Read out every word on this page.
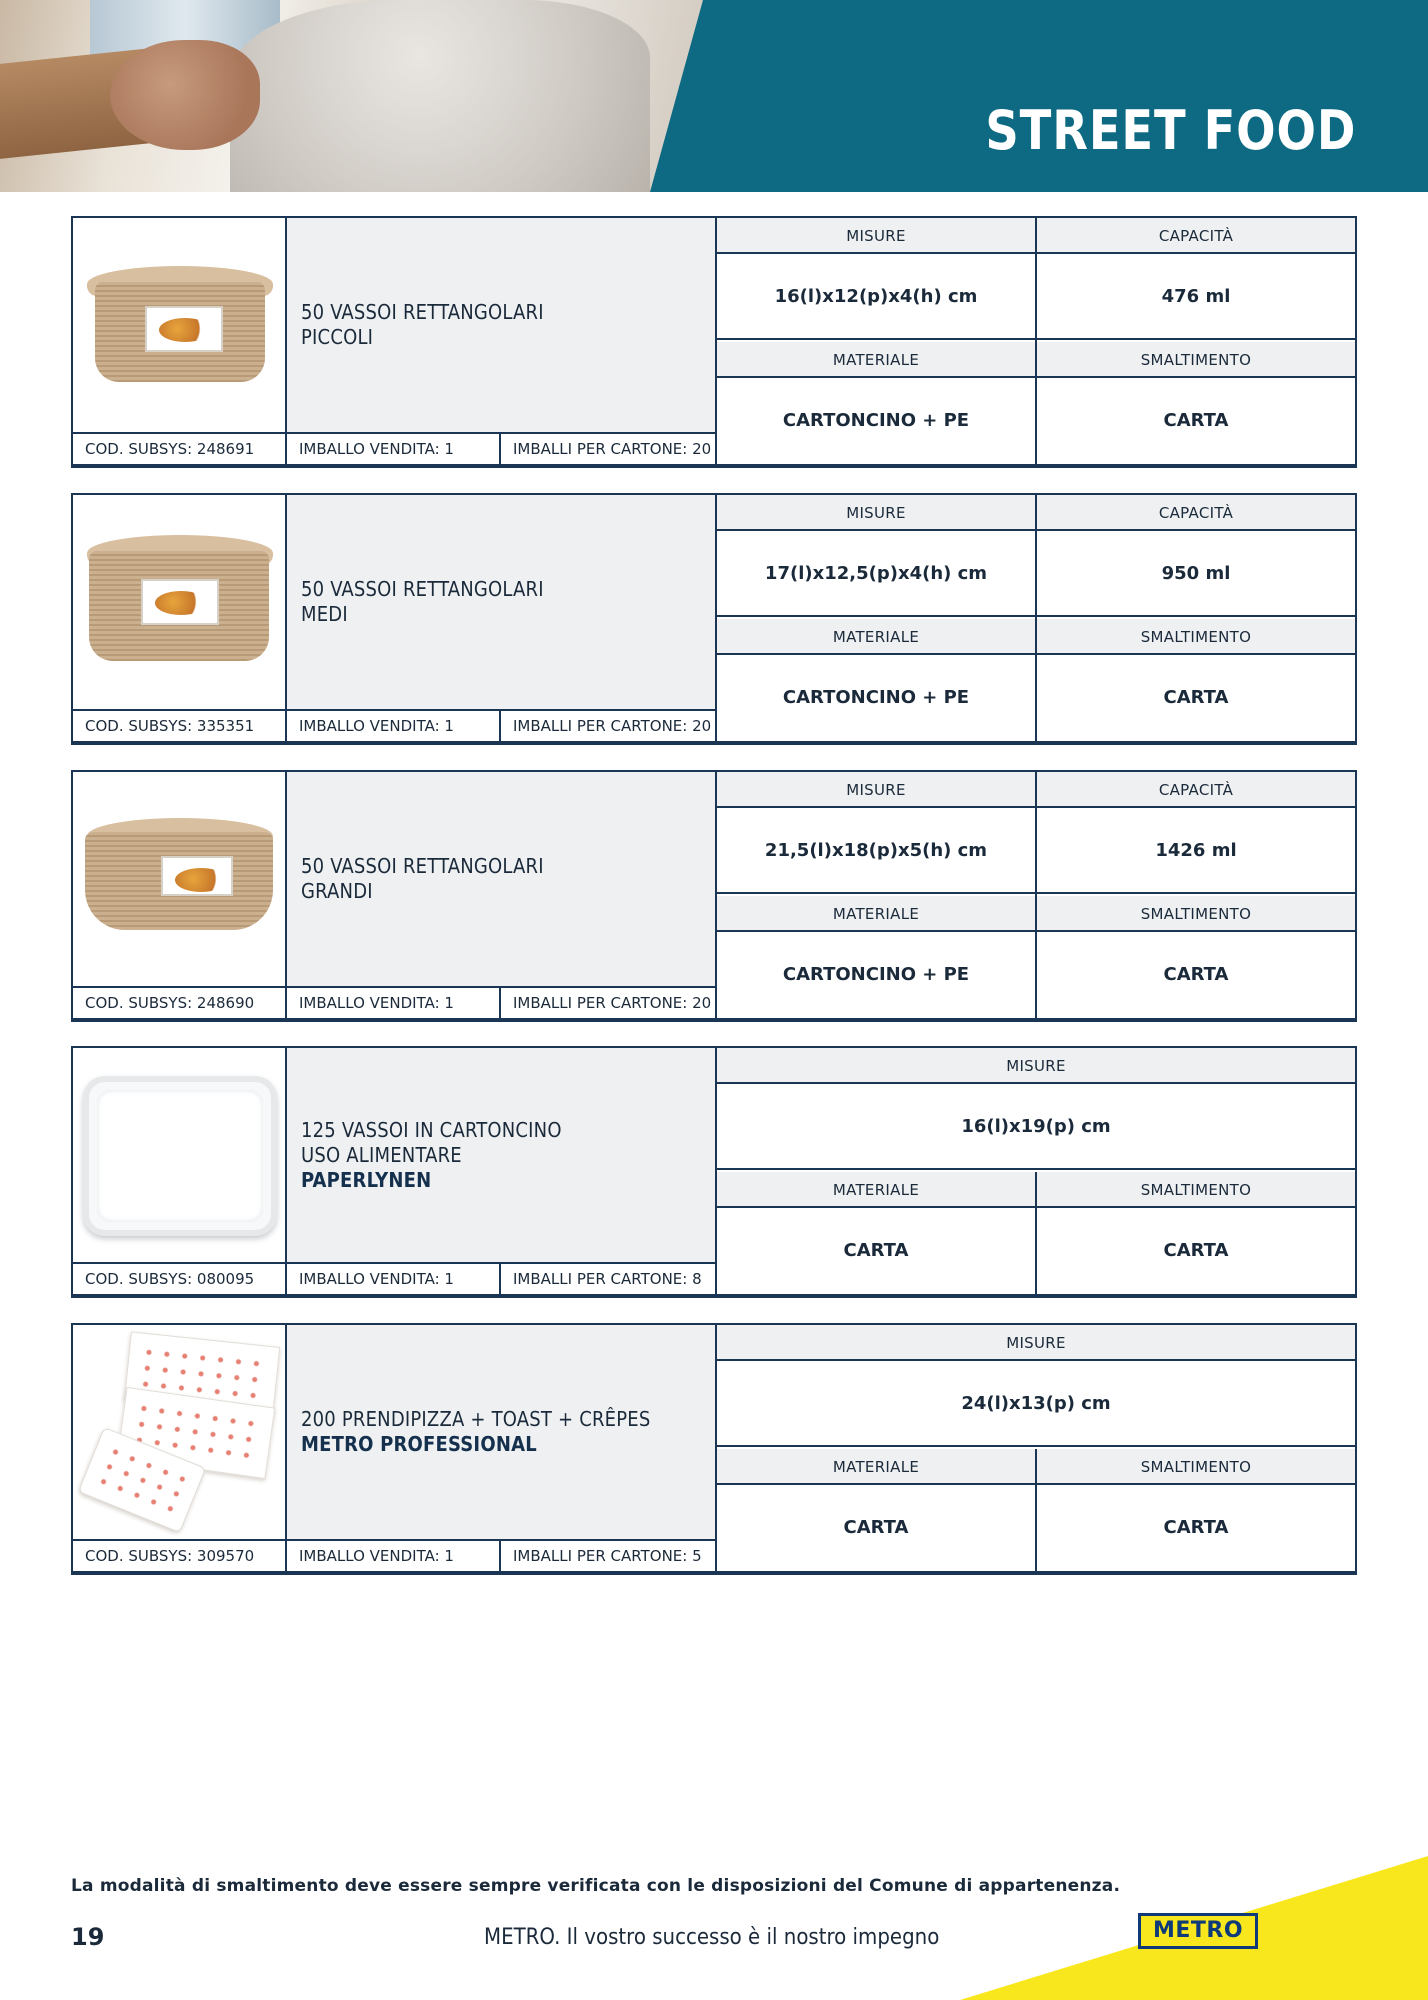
STREET FOOD
50 VASSOI RETTANGOLARI
PICCOLI
COD. SUBSYS: 248691	IMBALLO VENDITA: 1	IMBALLI PER CARTONE: 20
MISURE
16(l)x12(p)x4(h) cm
CAPACITÀ
476 ml
MATERIALE
CARTONCINO + PE
SMALTIMENTO
CARTA
50 VASSOI RETTANGOLARI
MEDI
COD. SUBSYS: 335351	IMBALLO VENDITA: 1	IMBALLI PER CARTONE: 20
MISURE
17(l)x12,5(p)x4(h) cm
CAPACITÀ
950 ml
MATERIALE
CARTONCINO + PE
SMALTIMENTO
CARTA
50 VASSOI RETTANGOLARI
GRANDI
COD. SUBSYS: 248690	IMBALLO VENDITA: 1	IMBALLI PER CARTONE: 20
MISURE
21,5(l)x18(p)x5(h) cm
CAPACITÀ
1426 ml
MATERIALE
CARTONCINO + PE
SMALTIMENTO
CARTA
125 VASSOI IN CARTONCINO
USO ALIMENTARE
PAPERLYNEN
COD. SUBSYS: 080095	IMBALLO VENDITA: 1	IMBALLI PER CARTONE: 8
MISURE
16(l)x19(p) cm
MATERIALE
CARTA
SMALTIMENTO
CARTA
200 PRENDIPIZZA + TOAST + CRÊPES
METRO PROFESSIONAL
COD. SUBSYS: 309570	IMBALLO VENDITA: 1	IMBALLI PER CARTONE: 5
MISURE
24(l)x13(p) cm
MATERIALE
CARTA
SMALTIMENTO
CARTA
La modalità di smaltimento deve essere sempre verificata con le disposizioni del Comune di appartenenza.
19	METRO. Il vostro successo è il nostro impegno	METRO
